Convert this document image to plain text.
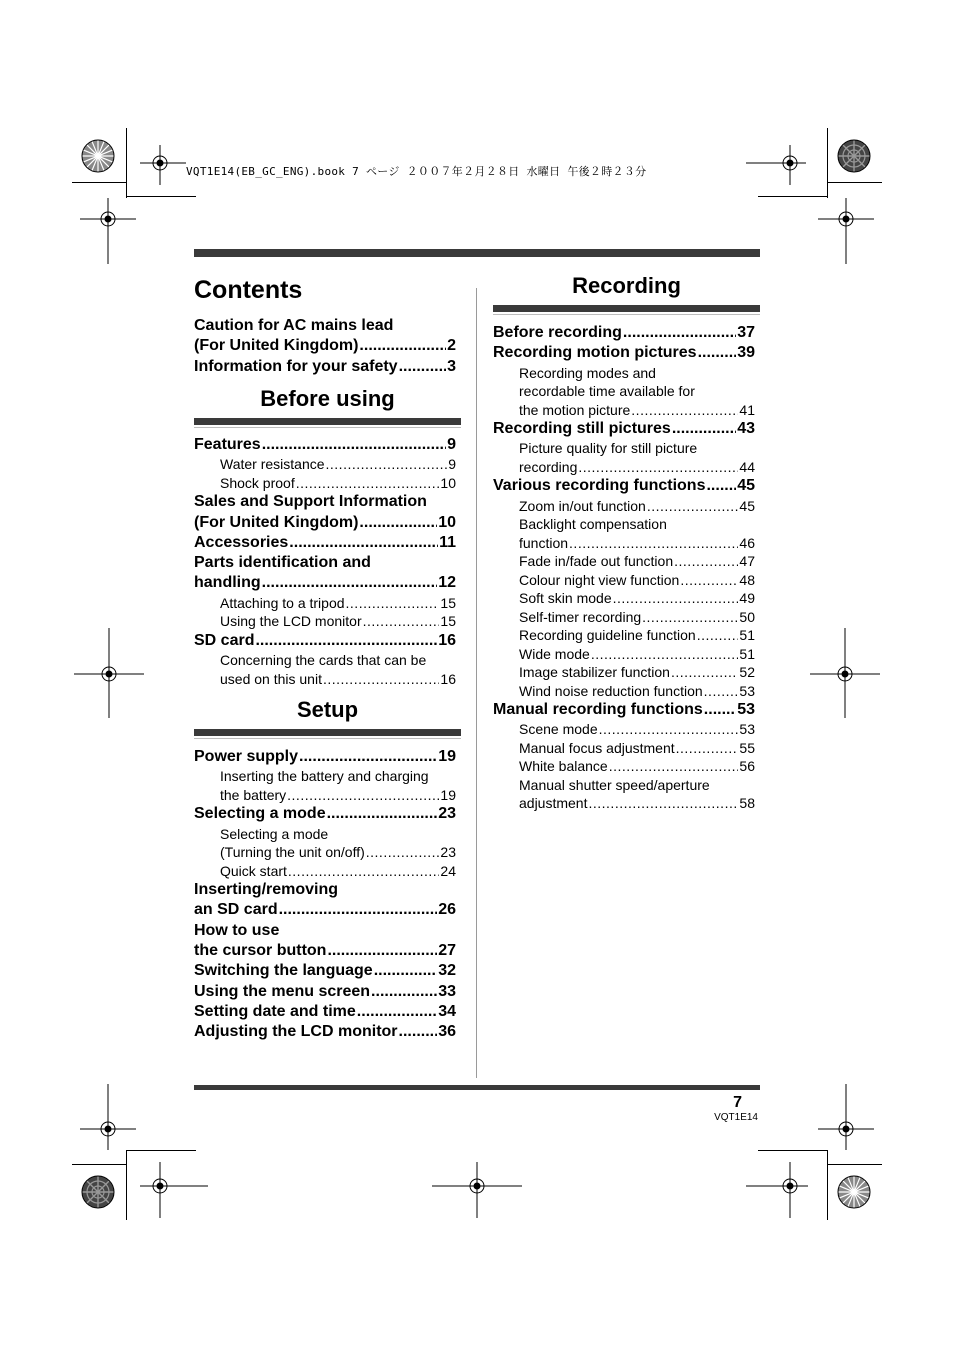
VQT1E14(EB_GC_ENG).book 7 ページ ２００７年２月２８日 水曜日 午後２時２３分
Contents
Caution for AC mains lead
(For United Kingdom) .....	2
Information for your safety .....	3
Before using
Features .....	9
Water resistance .....	9
Shock proof .....	10
Sales and Support Information
(For United Kingdom) .....	10
Accessories .....	11
Parts identification and
handling .....	12
Attaching to a tripod .....	15
Using the LCD monitor .....	15
SD card .....	16
Concerning the cards that can be
used on this unit .....	16
Setup
Power supply .....	19
Inserting the battery and charging
the battery .....	19
Selecting a mode .....	23
Selecting a mode
(Turning the unit on/off) .....	23
Quick start .....	24
Inserting/removing
an SD card .....	26
How to use
the cursor button .....	27
Switching the language .....	32
Using the menu screen .....	33
Setting date and time .....	34
Adjusting the LCD monitor .....	36
Recording
Before recording .....	37
Recording motion pictures .....	39
Recording modes and
recordable time available for
the motion picture .....	41
Recording still pictures .....	43
Picture quality for still picture
recording .....	44
Various recording functions ..... 45
Zoom in/out function .....	45
Backlight compensation
function .....	46
Fade in/fade out function .....	47
Colour night view function .....	48
Soft skin mode .....	49
Self-timer recording .....	50
Recording guideline function .....	51
Wide mode .....	51
Image stabilizer function .....	52
Wind noise reduction function .....	53
Manual recording functions ..... 53
Scene mode .....	53
Manual focus adjustment .....	55
White balance .....	56
Manual shutter speed/aperture
adjustment .....	58
7
VQT1E14
